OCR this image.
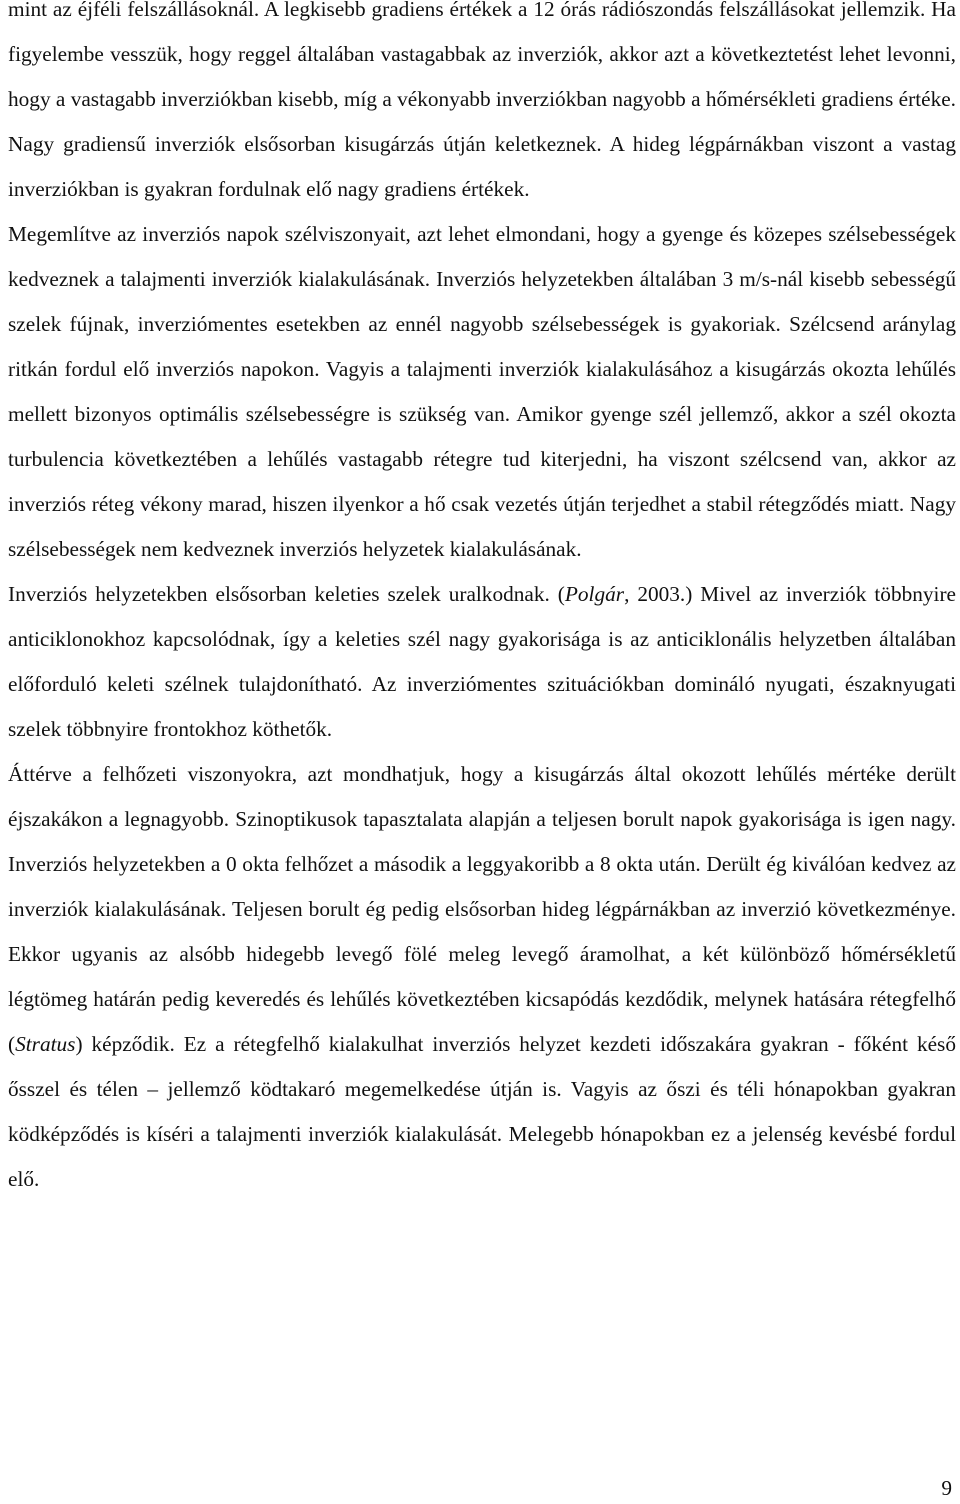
mint az éjféli felszállásoknál. A legkisebb gradiens értékek a 12 órás rádiószondás felszállásokat jellemzik. Ha figyelembe vesszük, hogy reggel általában vastagabbak az inverziók, akkor azt a következtetést lehet levonni, hogy a vastagabb inverziókban kisebb, míg a vékonyabb inverziókban nagyobb a hőmérsékleti gradiens értéke. Nagy gradiensű inverziók elsősorban kisugárzás útján keletkeznek. A hideg légpárnákban viszont a vastag inverziókban is gyakran fordulnak elő nagy gradiens értékek.

Megemlítve az inverziós napok szélviszonyait, azt lehet elmondani, hogy a gyenge és közepes szélsebességek kedveznek a talajmenti inverziók kialakulásának. Inverziós helyzetekben általában 3 m/s-nál kisebb sebességű szelek fújnak, inverziómentes esetekben az ennél nagyobb szélsebességek is gyakoriak. Szélcsend aránylag ritkán fordul elő inverziós napokon. Vagyis a talajmenti inverziók kialakulásához a kisugárzás okozta lehűlés mellett bizonyos optimális szélsebességre is szükség van. Amikor gyenge szél jellemző, akkor a szél okozta turbulencia következtében a lehűlés vastagabb rétegre tud kiterjedni, ha viszont szélcsend van, akkor az inverziós réteg vékony marad, hiszen ilyenkor a hő csak vezetés útján terjedhet a stabil rétegződés miatt. Nagy szélsebességek nem kedveznek inverziós helyzetek kialakulásának.

Inverziós helyzetekben elsősorban keleties szelek uralkodnak. (Polgár, 2003.) Mivel az inverziók többnyire anticiklonokhoz kapcsolódnak, így a keleties szél nagy gyakorisága is az anticiklonális helyzetben általában előforduló keleti szélnek tulajdonítható. Az inverziómentes szituációkban domináló nyugati, északnyugati szelek többnyire frontokhoz köthetők.

Áttérve a felhőzeti viszonyokra, azt mondhatjuk, hogy a kisugárzás által okozott lehűlés mértéke derült éjszakákon a legnagyobb. Szinoptikusok tapasztalata alapján a teljesen borult napok gyakorisága is igen nagy. Inverziós helyzetekben a 0 okta felhőzet a második a leggyakoribb a 8 okta után. Derült ég kiválóan kedvez az inverziók kialakulásának. Teljesen borult ég pedig elsősorban hideg légpárnákban az inverzió következménye. Ekkor ugyanis az alsóbb hidegebb levegő fölé meleg levegő áramolhat, a két különböző hőmérsékletű légtömeg határán pedig keveredés és lehűlés következtében kicsapódás kezdődik, melynek hatására rétegfelhő (Stratus) képződik. Ez a rétegfelhő kialakulhat inverziós helyzet kezdeti időszakára gyakran - főként késő ősszel és télen – jellemző ködtakaró megemelkedése útján is. Vagyis az őszi és téli hónapokban gyakran ködképződés is kíséri a talajmenti inverziók kialakulását. Melegebb hónapokban ez a jelenség kevésbé fordul elő.

9
